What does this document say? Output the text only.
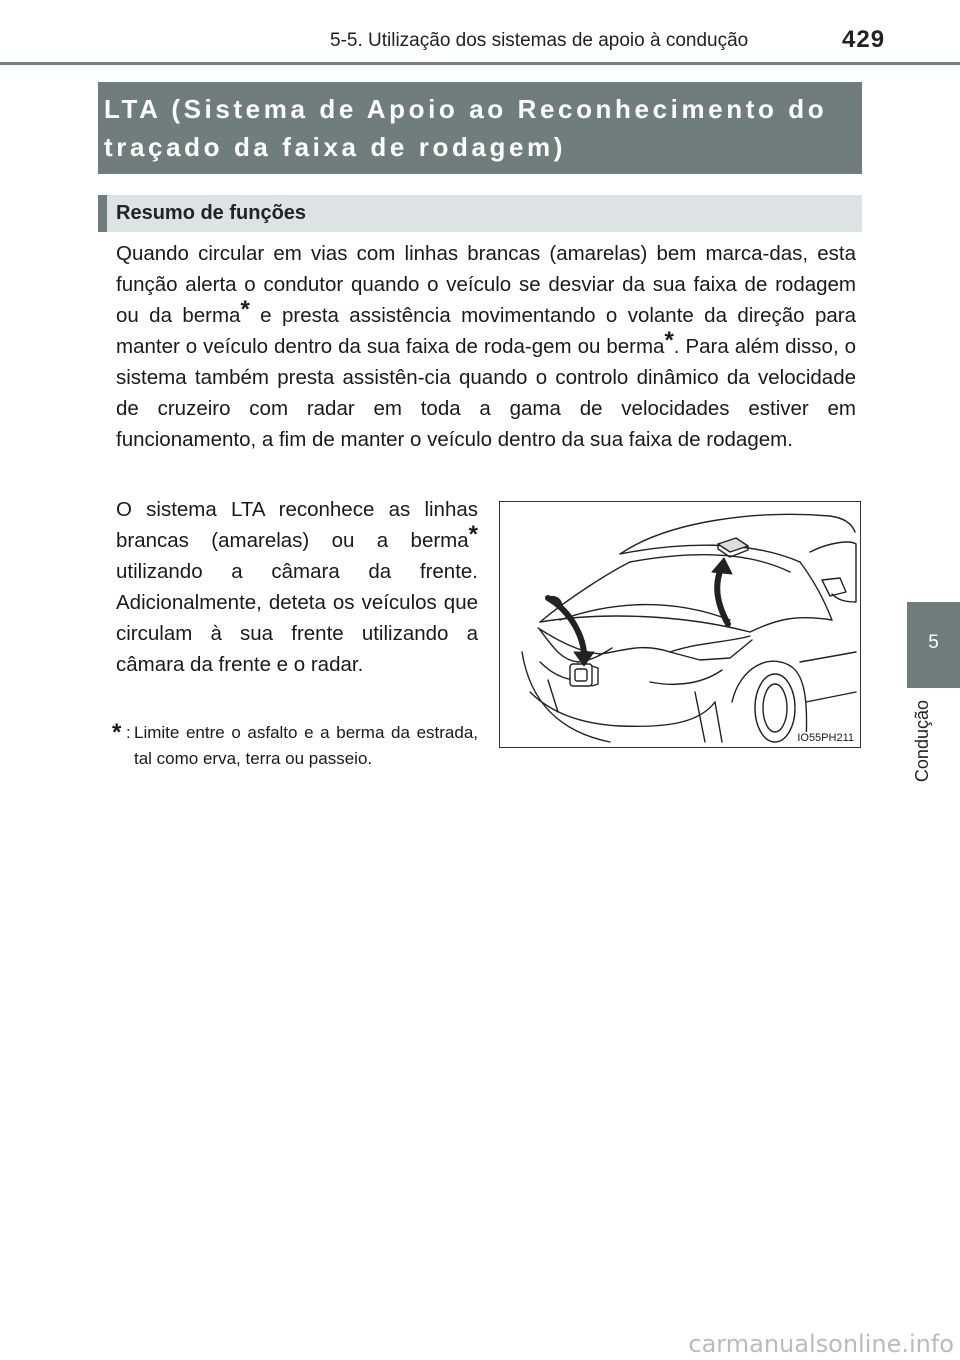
5-5. Utilização dos sistemas de apoio à condução	429

LTA (Sistema de Apoio ao Reconhecimento do
traçado da faixa de rodagem)

Resumo de funções

Quando circular em vias com linhas brancas (amarelas) bem marca-das, esta função alerta o condutor quando o veículo se desviar da sua faixa de rodagem ou da berma* e presta assistência movimentando o volante da direção para manter o veículo dentro da sua faixa de roda-gem ou berma*. Para além disso, o sistema também presta assistên-cia quando o controlo dinâmico da velocidade de cruzeiro com radar em toda a gama de velocidades estiver em funcionamento, a fim de manter o veículo dentro da sua faixa de rodagem.

O sistema LTA reconhece as linhas brancas (amarelas) ou a berma* utilizando a câmara da frente. Adicionalmente, deteta os veículos que circulam à sua frente utilizando a câmara da frente e o radar.

* : Limite entre o asfalto e a berma da estrada, tal como erva, terra ou passeio.

IO55PH211
5
Condução
carmanualsonline.info
